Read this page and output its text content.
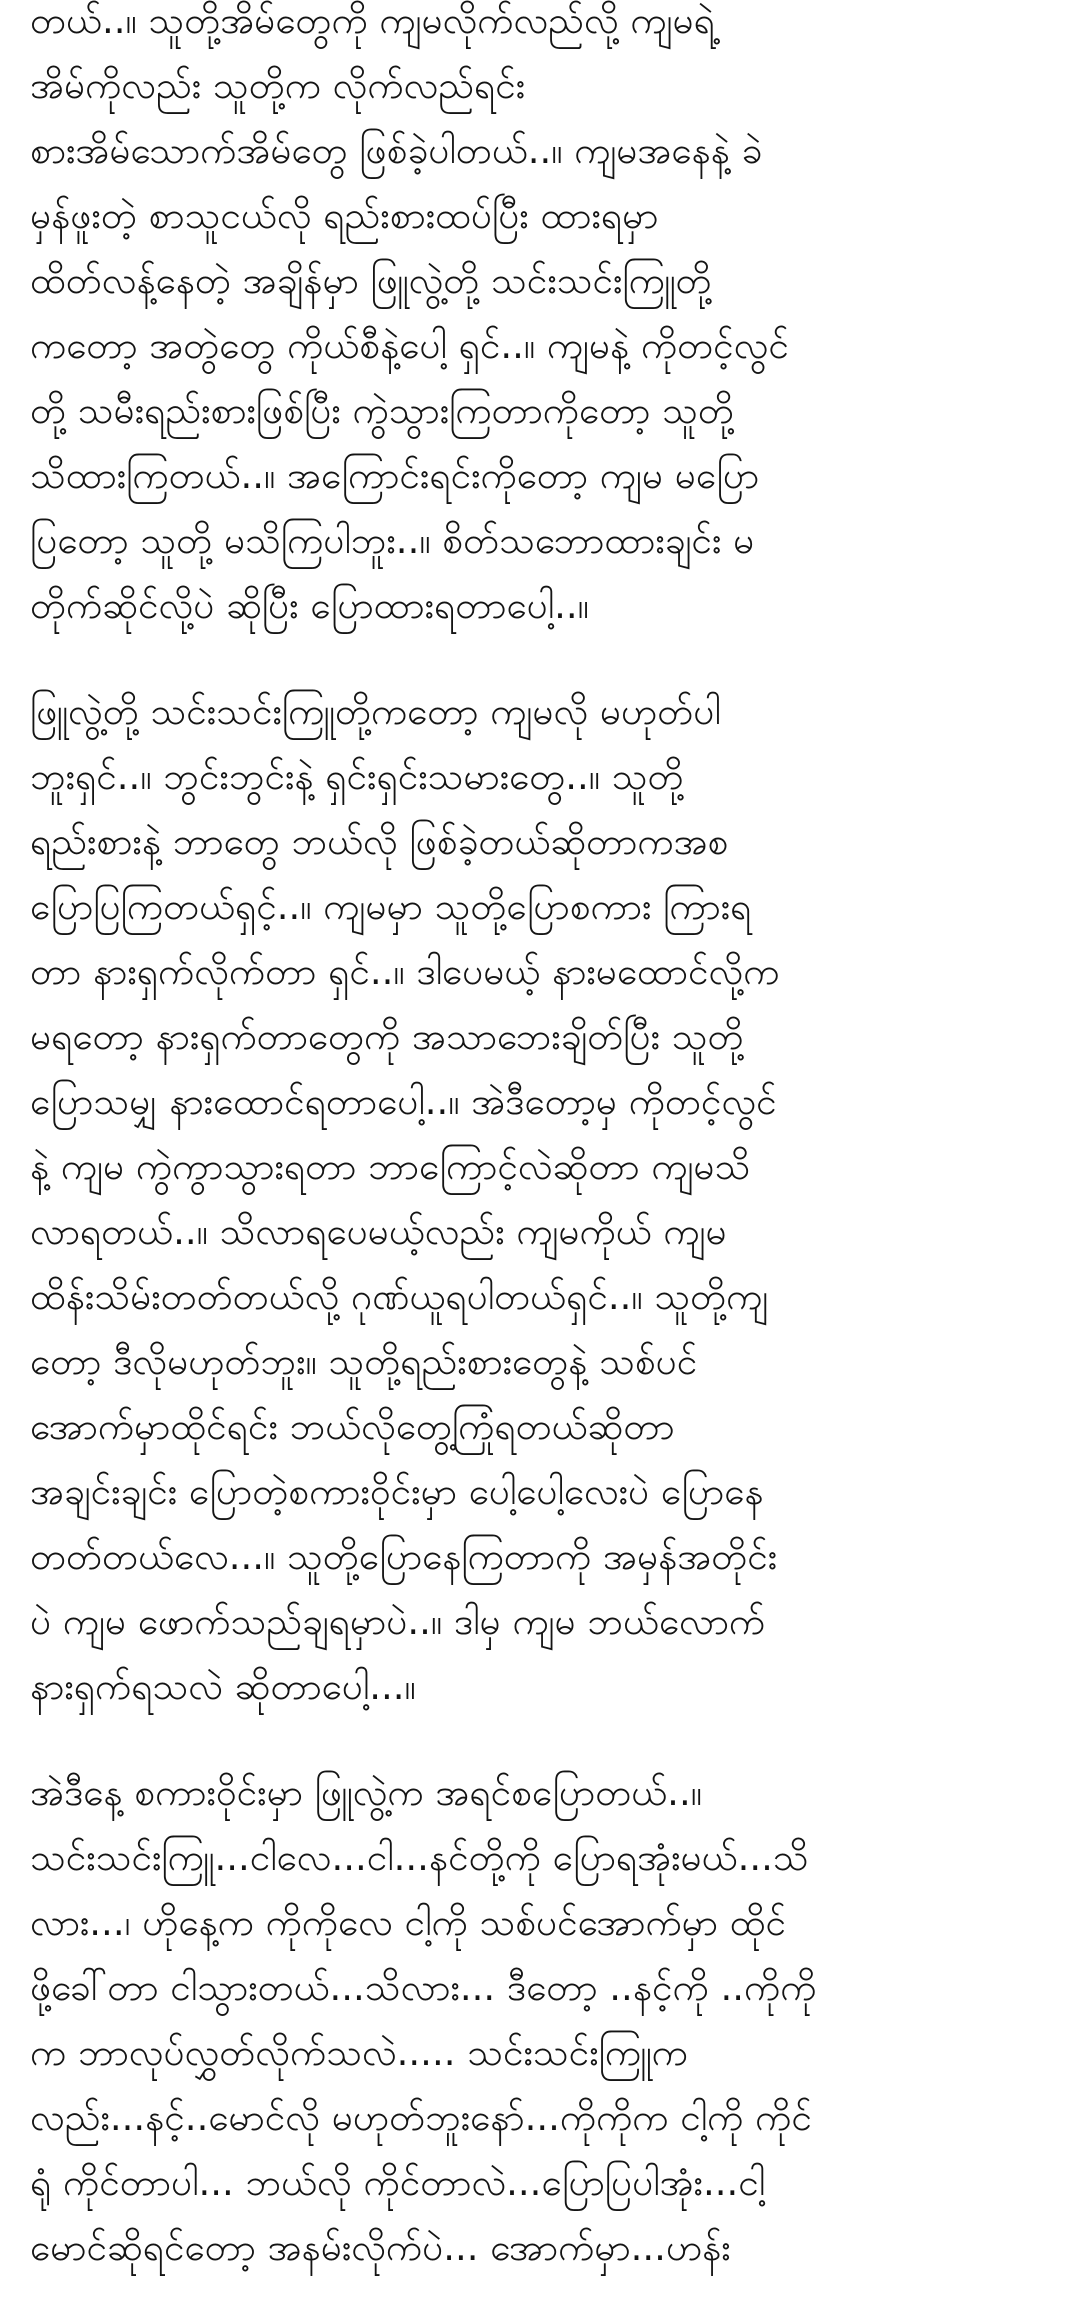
တယ်..။ သူတို့အိမ်တွေကို ကျမလိုက်လည်လို့ ကျမရဲ့
အိမ်ကိုလည်း သူတို့က လိုက်လည်ရင်း
စားအိမ်သောက်အိမ်တွေ ဖြစ်ခဲ့ပါတယ်..။ ကျမအနေနဲ့ ခဲ
မှန်ဖူးတဲ့ စာသူငယ်လို ရည်းစားထပ်ပြီး ထားရမှာ
ထိတ်လန့်နေတဲ့ အချိန်မှာ ဖြူလွဲ့တို့ သင်းသင်းကြူတို့
ကတော့ အတွဲတွေ ကိုယ်စီနဲ့ပေါ့ ရှင်..။ ကျမနဲ့ ကိုတင့်လွင်
တို့ သမီးရည်းစားဖြစ်ပြီး ကွဲသွားကြတာကိုတော့ သူတို့
သိထားကြတယ်..။ အကြောင်းရင်းကိုတော့ ကျမ မပြော
ပြတော့ သူတို့ မသိကြပါဘူး..။ စိတ်သဘောထားချင်း မ
တိုက်ဆိုင်လို့ပဲ ဆိုပြီး ပြောထားရတာပေါ့..။

ဖြူလွဲ့တို့ သင်းသင်းကြူတို့ကတော့ ကျမလို မဟုတ်ပါ
ဘူးရှင်..။ ဘွင်းဘွင်းနဲ့ ရှင်းရှင်းသမားတွေ..။ သူတို့
ရည်းစားနဲ့ ဘာတွေ ဘယ်လို ဖြစ်ခဲ့တယ်ဆိုတာကအစ
ပြောပြကြတယ်ရှင့်..။ ကျမမှာ သူတို့ပြောစကား ကြားရ
တာ နားရှက်လိုက်တာ ရှင်..။ ဒါပေမယ့် နားမထောင်လို့က
မရတော့ နားရှက်တာတွေကို အသာဘေးချိတ်ပြီး သူတို့
ပြောသမျှ နားထောင်ရတာပေါ့..။ အဲဒီတော့မှ ကိုတင့်လွင်
နဲ့ ကျမ ကွဲကွာသွားရတာ ဘာကြောင့်လဲဆိုတာ ကျမသိ
လာရတယ်..။ သိလာရပေမယ့်လည်း ကျမကိုယ် ကျမ
ထိန်းသိမ်းတတ်တယ်လို့ ဂုဏ်ယူရပါတယ်ရှင်..။ သူတို့ကျ
တော့ ဒီလိုမဟုတ်ဘူး။ သူတို့ရည်းစားတွေနဲ့ သစ်ပင်
အောက်မှာထိုင်ရင်း ဘယ်လိုတွေ့ကြုံရတယ်ဆိုတာ
အချင်းချင်း ပြောတဲ့စကားဝိုင်းမှာ ပေါ့ပေါ့လေးပဲ ပြောနေ
တတ်တယ်လေ...။ သူတို့ပြောနေကြတာကို အမှန်အတိုင်း
ပဲ ကျမ ဖောက်သည်ချရမှာပဲ..။ ဒါမှ ကျမ ဘယ်လောက်
နားရှက်ရသလဲ ဆိုတာပေါ့...။

အဲဒီနေ့ စကားဝိုင်းမှာ ဖြူလွဲ့က အရင်စပြောတယ်..။
သင်းသင်းကြူ...ငါလေ...ငါ...နင်တို့ကို ပြောရအုံးမယ်...သိ
လား...၊ ဟိုနေ့က ကိုကိုလေ ငါ့ကို သစ်ပင်အောက်မှာ ထိုင်
ဖို့ခေါ်တာ ငါသွားတယ်...သိလား... ဒီတော့ ..နင့်ကို ..ကိုကို
က ဘာလုပ်လွှတ်လိုက်သလဲ..... သင်းသင်းကြူက
လည်း...နင့်..မောင်လို မဟုတ်ဘူးနော်...ကိုကိုက ငါ့ကို ကိုင်
ရုံ ကိုင်တာပါ... ဘယ်လို ကိုင်တာလဲ...ပြောပြပါအုံး...ငါ့
မောင်ဆိုရင်တော့ အနမ်းလိုက်ပဲ... အောက်မှာ...ဟန်း
